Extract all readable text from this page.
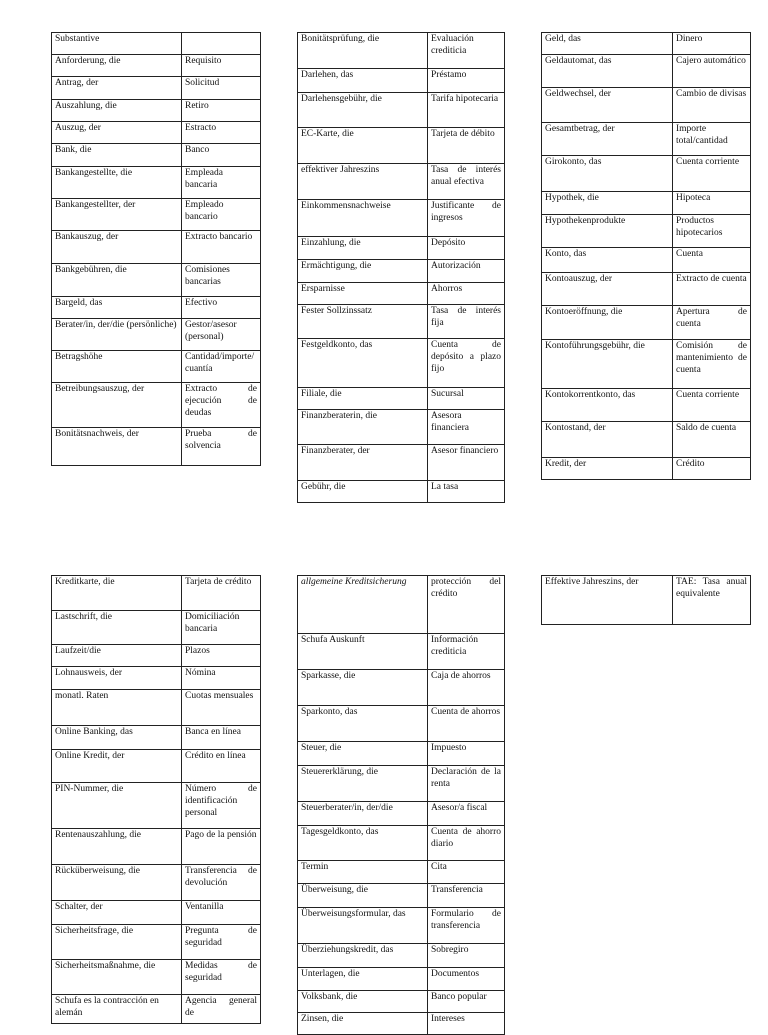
Substantive	
Anforderung, die	Requisito
Antrag, der	Solicitud
Auszahlung, die	Retiro
Auszug, der	Estracto
Bank, die	Banco
Bankangestellte, die	Empleada bancaria
Bankangestellter, der	Empleado bancario
Bankauszug, der	Extracto bancario
Bankgebühren, die	Comisiones bancarias
Bargeld, das	Efectivo
Berater/in, der/die (persönliche)	Gestor/asesor (personal)
Betragshöhe	Cantidad/importe/cuantía
Betreibungsauszug, der	Extracto de ejecución de deudas
Bonitätsnachweis, der	Prueba de solvencia
Bonitätsprüfung, die	Evaluación crediticia
Darlehen, das	Préstamo
Darlehensgebühr, die	Tarifa hipotecaria
EC-Karte, die	Tarjeta de débito
effektiver Jahreszins	Tasa de interés anual efectiva
Einkommensnachweise	Justificante de ingresos
Einzahlung, die	Depósito
Ermächtigung, die	Autorización
Ersparnisse	Ahorros
Fester Sollzinssatz	Tasa de interés fija
Festgeldkonto, das	Cuenta de depósito a plazo fijo
Filiale, die	Sucursal
Finanzberaterin, die	Asesora financiera
Finanzberater, der	Asesor financiero
Gebühr, die	La tasa
Geld, das	Dinero
Geldautomat, das	Cajero automático
Geldwechsel, der	Cambio de divisas
Gesamtbetrag, der	Importe total/cantidad
Girokonto, das	Cuenta corriente
Hypothek, die	Hipoteca
Hypothekenprodukte	Productos hipotecarios
Konto, das	Cuenta
Kontoauszug, der	Extracto de cuenta
Kontoeröffnung, die	Apertura de cuenta
Kontoführungsgebühr, die	Comisión de mantenimiento de cuenta
Kontokorrentkonto, das	Cuenta corriente
Kontostand, der	Saldo de cuenta
Kredit, der	Crédito
Kreditkarte, die	Tarjeta de crédito
Lastschrift, die	Domiciliación bancaria
Laufzeit/die	Plazos
Lohnausweis, der	Nómina
monatl. Raten	Cuotas mensuales
Online Banking, das	Banca en línea
Online Kredit, der	Crédito en línea
PIN-Nummer, die	Número de identificación personal
Rentenauszahlung, die	Pago de la pensión
Rücküberweisung, die	Transferencia de devolución
Schalter, der	Ventanilla
Sicherheitsfrage, die	Pregunta de seguridad
Sicherheitsmaßnahme, die	Medidas de seguridad
Schufa es la contracción en alemán	Agencia general de
allgemeine Kreditsicherung	protección del crédito
Schufa Auskunft	Información crediticia
Sparkasse, die	Caja de ahorros
Sparkonto, das	Cuenta de ahorros
Steuer, die	Impuesto
Steuererklärung, die	Declaración de la renta
Steuerberater/in, der/die	Asesor/a fiscal
Tagesgeldkonto, das	Cuenta de ahorro diario
Termin	Cita
Überweisung, die	Transferencia
Überweisungsformular, das	Formulario de transferencia
Überziehungskredit, das	Sobregiro
Unterlagen, die	Documentos
Volksbank, die	Banco popular
Zinsen, die	Intereses
Effektive Jahreszins, der	TAE: Tasa anual equivalente
